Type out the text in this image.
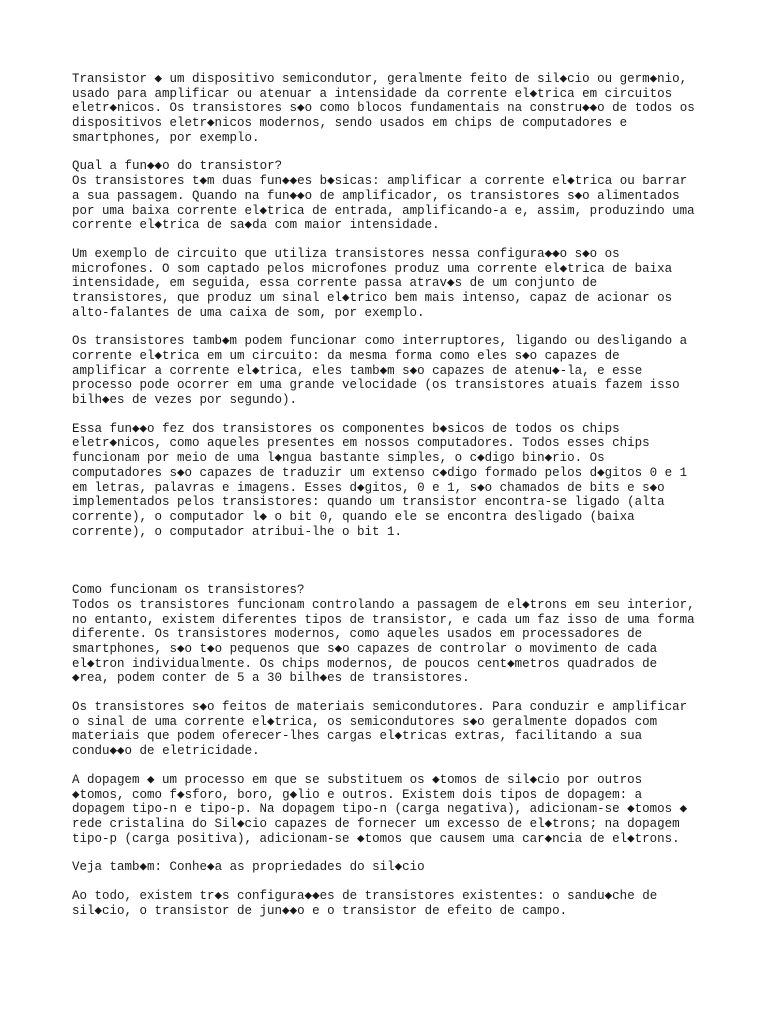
Transistor ◆ um dispositivo semicondutor, geralmente feito de sil◆cio ou germ◆nio,
usado para amplificar ou atenuar a intensidade da corrente el◆trica em circuitos
eletr◆nicos. Os transistores s◆o como blocos fundamentais na constru◆◆o de todos os
dispositivos eletr◆nicos modernos, sendo usados em chips de computadores e
smartphones, por exemplo.
Qual a fun◆◆o do transistor?
Os transistores t◆m duas fun◆◆es b◆sicas: amplificar a corrente el◆trica ou barrar
a sua passagem. Quando na fun◆◆o de amplificador, os transistores s◆o alimentados
por uma baixa corrente el◆trica de entrada, amplificando-a e, assim, produzindo uma
corrente el◆trica de sa◆da com maior intensidade.
Um exemplo de circuito que utiliza transistores nessa configura◆◆o s◆o os
microfones. O som captado pelos microfones produz uma corrente el◆trica de baixa
intensidade, em seguida, essa corrente passa atrav◆s de um conjunto de
transistores, que produz um sinal el◆trico bem mais intenso, capaz de acionar os
alto-falantes de uma caixa de som, por exemplo.
Os transistores tamb◆m podem funcionar como interruptores, ligando ou desligando a
corrente el◆trica em um circuito: da mesma forma como eles s◆o capazes de
amplificar a corrente el◆trica, eles tamb◆m s◆o capazes de atenu◆-la, e esse
processo pode ocorrer em uma grande velocidade (os transistores atuais fazem isso
bilh◆es de vezes por segundo).
Essa fun◆◆o fez dos transistores os componentes b◆sicos de todos os chips
eletr◆nicos, como aqueles presentes em nossos computadores. Todos esses chips
funcionam por meio de uma l◆ngua bastante simples, o c◆digo bin◆rio. Os
computadores s◆o capazes de traduzir um extenso c◆digo formado pelos d◆gitos 0 e 1
em letras, palavras e imagens. Esses d◆gitos, 0 e 1, s◆o chamados de bits e s◆o
implementados pelos transistores: quando um transistor encontra-se ligado (alta
corrente), o computador l◆ o bit 0, quando ele se encontra desligado (baixa
corrente), o computador atribui-lhe o bit 1.
Como funcionam os transistores?
Todos os transistores funcionam controlando a passagem de el◆trons em seu interior,
no entanto, existem diferentes tipos de transistor, e cada um faz isso de uma forma
diferente. Os transistores modernos, como aqueles usados em processadores de
smartphones, s◆o t◆o pequenos que s◆o capazes de controlar o movimento de cada
el◆tron individualmente. Os chips modernos, de poucos cent◆metros quadrados de
◆rea, podem conter de 5 a 30 bilh◆es de transistores.
Os transistores s◆o feitos de materiais semicondutores. Para conduzir e amplificar
o sinal de uma corrente el◆trica, os semicondutores s◆o geralmente dopados com
materiais que podem oferecer-lhes cargas el◆tricas extras, facilitando a sua
condu◆◆o de eletricidade.
A dopagem ◆ um processo em que se substituem os ◆tomos de sil◆cio por outros
◆tomos, como f◆sforo, boro, g◆lio e outros. Existem dois tipos de dopagem: a
dopagem tipo-n e tipo-p. Na dopagem tipo-n (carga negativa), adicionam-se ◆tomos ◆
rede cristalina do Sil◆cio capazes de fornecer um excesso de el◆trons; na dopagem
tipo-p (carga positiva), adicionam-se ◆tomos que causem uma car◆ncia de el◆trons.
Veja tamb◆m: Conhe◆a as propriedades do sil◆cio
Ao todo, existem tr◆s configura◆◆es de transistores existentes: o sandu◆che de
sil◆cio, o transistor de jun◆◆o e o transistor de efeito de campo.
